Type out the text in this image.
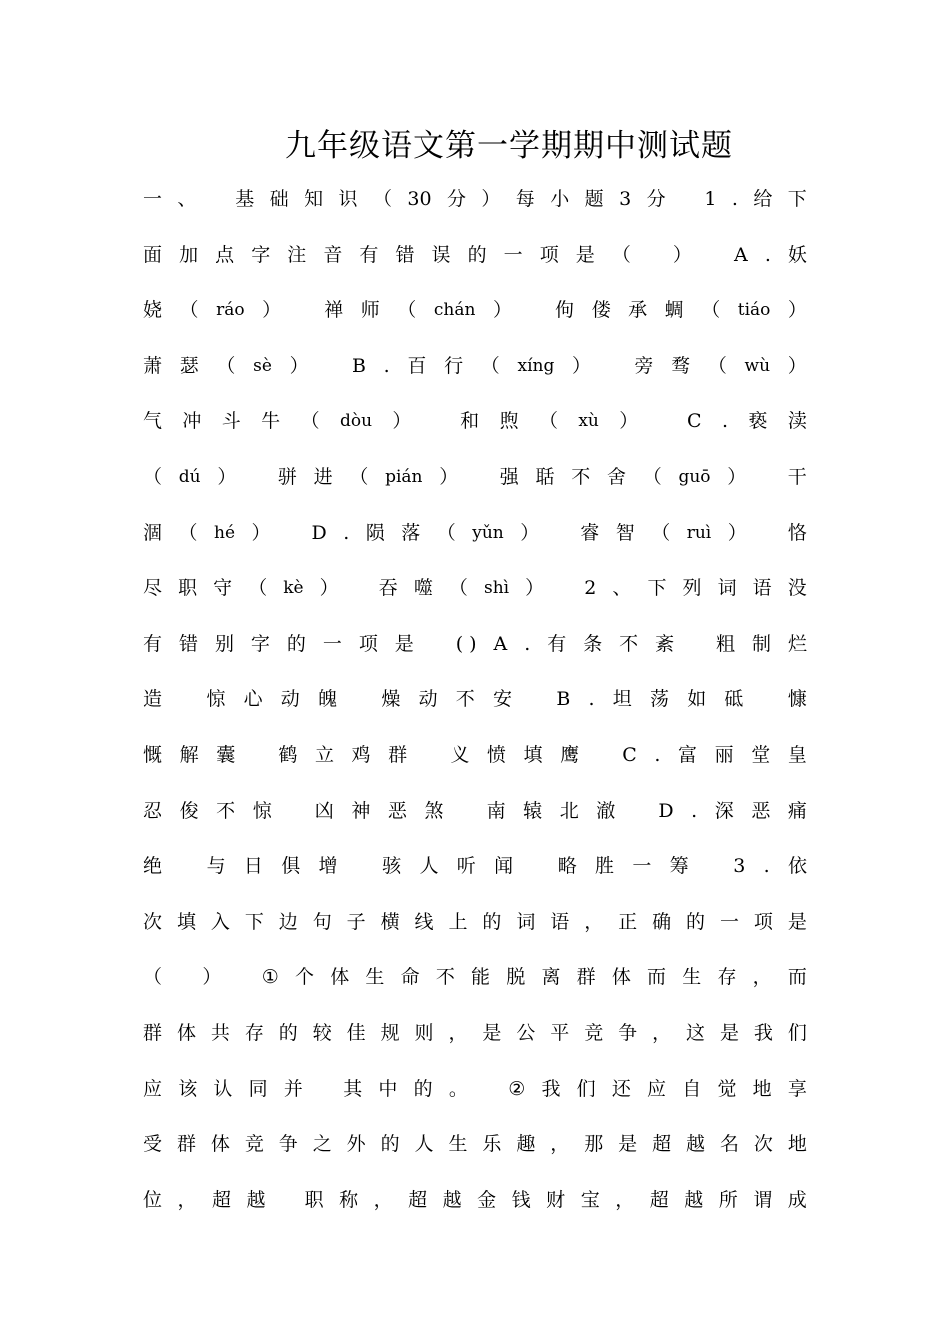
九年级语文第一学期期中测试题
一 、 基 础 知 识 （ 30 分 ） 每 小 题 3 分 1 . 给 下
面 加 点 字 注 音 有 错 误 的 一 项 是 （ ） A . 妖
娆 （ ráo ） 禅 师 （ chán ） 佝 偻 承 蜩 （ tiáo ）
萧 瑟 （ sè ） B . 百 行 （ xíng ） 旁 骛 （ wù ）
气 冲 斗 牛 （ dòu ）	和 煦 （ xù ）	C . 亵 渎
（ dú ） 骈 进 （ pián ） 强 聒 不 舍 （ guō ） 干
涸 （ hé ） D . 陨 落 （ yǔn ） 睿 智 （ ruì ） 恪
尽 职 守 （ kè ） 吞 噬 （ shì ） 2 、 下 列 词 语 没
有 错 别 字 的 一 项 是 ( ) A . 有 条 不 紊 粗 制 烂
造 惊 心 动 魄 燥 动 不 安 B . 坦 荡 如 砥 慷
慨 解 囊 鹤 立 鸡 群 义 愤 填 鹰 C . 富 丽 堂 皇
忍 俊 不 惊 凶 神 恶 煞 南 辕 北 澈 D . 深 恶 痛
绝 与 日 俱 增 骇 人 听 闻 略 胜 一 筹 3 . 依
次 填 入 下 边 句 子 横 线 上 的 词 语 ， 正 确 的 一 项 是
（ ） ① 个 体 生 命 不 能 脱 离 群 体 而 生 存 ， 而
群 体 共 存 的 较 佳 规 则 ， 是 公 平 竞 争 ， 这 是 我 们
应 该 认 同 并 其 中 的 。 ② 我 们 还 应 自 觉 地 享
受 群 体 竞 争 之 外 的 人 生 乐 趣 ， 那 是 超 越 名 次 地
位 ， 超 越 职 称 ， 超 越 金 钱 财 宝 ， 超 越 所 谓 成
